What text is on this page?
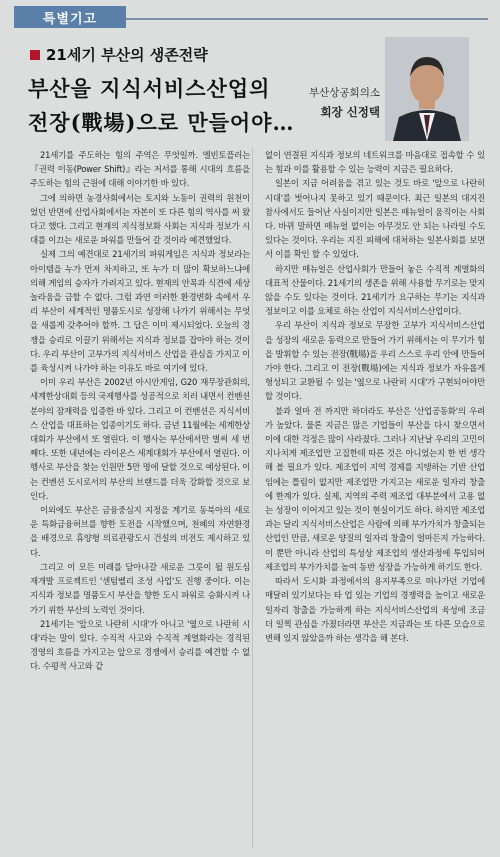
특별기고
21세기 부산의 생존전략
부산을 지식서비스산업의
전장(戰場)으로 만들어야…
부산상공회의소
회장 신정택

21세기를 주도하는 힘의 주역은 무엇일까. 엘빈토플러는 『권력 이동(Power Shift)』라는 저서를 통해 시대의 흐름을 주도하는 힘의 근원에 대해 이야기한 바 있다.

그에 의하면 농경사회에서는 토지와 노동이 권력의 원천이었던 반면에 산업사회에서는 자본이 또 다른 힘의 역사를 써 왔다고 했다. 그리고 현재의 지식정보화 사회는 지식과 정보가 시대를 이끄는 새로운 파워를 만들어 갈 것이라 예견했었다.

실제 그의 예견대로 21세기의 파워게임은 지식과 정보라는 아이템을 누가 먼저 차지하고, 또 누가 더 많이 확보하느냐에 의해 게임의 승자가 가려지고 있다. 현재의 안목과 식견에 세상 놀라움을 금할 수 없다. 그럼 과연 이러한 환경변화 속에서 우리 부산이 세계적인 명품도시로 성장해 나가기 위해서는 무엇을 새롭게 갖추어야 할까. 그 답은 이미 제시되었다. 오늘의 경쟁을 승리로 이끌기 위해서는 지식과 정보를 잡아야 하는 것이다. 우리 부산이 고부가의 지식서비스 산업을 관심을 가지고 이를 육성시켜 나가야 하는 이유도 바로 여기에 있다.

이미 우리 부산은 2002년 아시안게임, G20 재무장관회의, 세계한상대회 등의 국제행사를 성공적으로 치러 내면서 컨벤션 분야의 잠재력을 입증한 바 있다. 그리고 이 컨벤션은 지식서비스 산업을 대표하는 업종이기도 하다. 금년 11월에는 세계한상대회가 부산에서 또 열린다. 이 행사는 부산에서만 벌써 세 번째다. 또한 내년에는 라이온스 세계대회가 부산에서 열린다. 이 행사로 부산을 찾는 인원만 5만 명에 달할 것으로 예상된다. 이는 컨벤션 도시로서의 부산의 브랜드를 더욱 강화할 것으로 보인다.

이외에도 부산은 금융중심지 지정을 계기로 동북아의 새로운 특화금융허브를 향한 도전을 시작했으며, 천혜의 자연환경을 배경으로 휴양형 의료관광도시 건설의 비전도 제시하고 있다.

그리고 이 모든 미래를 담아나갈 새로운 그릇이 될 원도심 재개발 프로젝트인 '센텀벨리 조성 사업'도 진행 중이다. 이는 지식과 정보를 명품도시 부산을 향한 도시 파워로 승화시켜 나가기 위한 부산의 노력인 것이다.

21세기는 '앞으로 나란히 시대'가 아니고 '옆으로 나란히 시대'라는 말이 있다. 수직적 사고와 수직적 계열화라는 경직된 경영의 흐름을 가지고는 앞으로 경쟁에서 승리를 예견할 수 없다. 수평적 사고와 같

없이 연결된 지식과 정보의 네트워크를 마음대로 접속할 수 있는 힘과 이를 활용할 수 있는 능력이 지금은 필요하다.

일본이 지금 어려움을 겪고 있는 것도 바로 '앞으로 나란히 시대'를 벗어나지 못하고 있기 때문이다. 최근 일본의 대지진 참사에서도 들어난 사실이지만 일본은 매뉴얼이 움직이는 사회다. 바뀌 말하면 매뉴얼 없이는 아무것도 안 되는 나라일 수도 있다는 것이다. 우리는 지진 피해에 대처하는 일본사회를 보면서 이를 확인 할 수 있었다.

하지만 매뉴얼은 산업사회가 만들어 놓은 수직적 계열화의 대표적 산물이다. 21세기의 생존을 위해 사용할 무기로는 맞지 않을 수도 있다는 것이다. 21세기가 요구하는 무기는 지식과 정보이고 이를 요체로 하는 산업이 지식서비스산업이다.

우리 부산이 지식과 정보로 무장한 고부가 지식서비스산업을 성장의 새로운 동력으로 만들어 가기 위해서는 이 무기가 힘을 발휘할 수 있는 전장(戰場)을 우리 스스로 우리 안에 만들어 가야 한다. 그리고 이 전장(戰場)에는 지식과 정보가 자유롭게 형성되고 교환될 수 있는 '옆으로 나란히 시대'가 구현되어야만 할 것이다.

불과 얼마 전 까지만 하더라도 부산은 '산업공동화'의 우려가 높았다. 물론 지금은 많은 기업들이 부산을 다시 찾으면서 이에 대한 걱정은 많이 사라졌다. 그러나 지난날 우리의 고민이 지나치게 제조업만 고집한데 따른 것은 아니었는지 한 번 생각해 볼 필요가 있다. 제조업이 지역 경제를 지탱하는 기반 산업임에는 틀림이 없지만 제조업만 가지고는 새로운 일자리 창출에 한계가 있다. 실제, 지역의 주력 제조업 대부분에서 고용 없는 성장이 이어지고 있는 것이 현실이기도 하다. 하지만 제조업과는 달리 지식서비스산업은 사람에 의해 부가가치가 창출되는 산업인 만큼, 새로운 양질의 일자리 창출이 얼마든지 가능하다. 이 뿐만 아니라 산업의 특성상 제조업의 생산과정에 투입되어 제조업의 부가가치를 높여 동반 성장을 가능하게 하기도 한다.

따라서 도시화 과정에서의 용지부족으로 떠나가던 기업에 매달려 있기보다는 타 업 있는 기업의 경쟁력을 높이고 새로운 일자리 창출을 가능하게 하는 지식서비스산업의 육성에 조금 더 일찍 관심을 가졌더라면 부산은 지금과는 또 다른 모습으로 변해 있지 않았을까 하는 생각을 해 본다.
